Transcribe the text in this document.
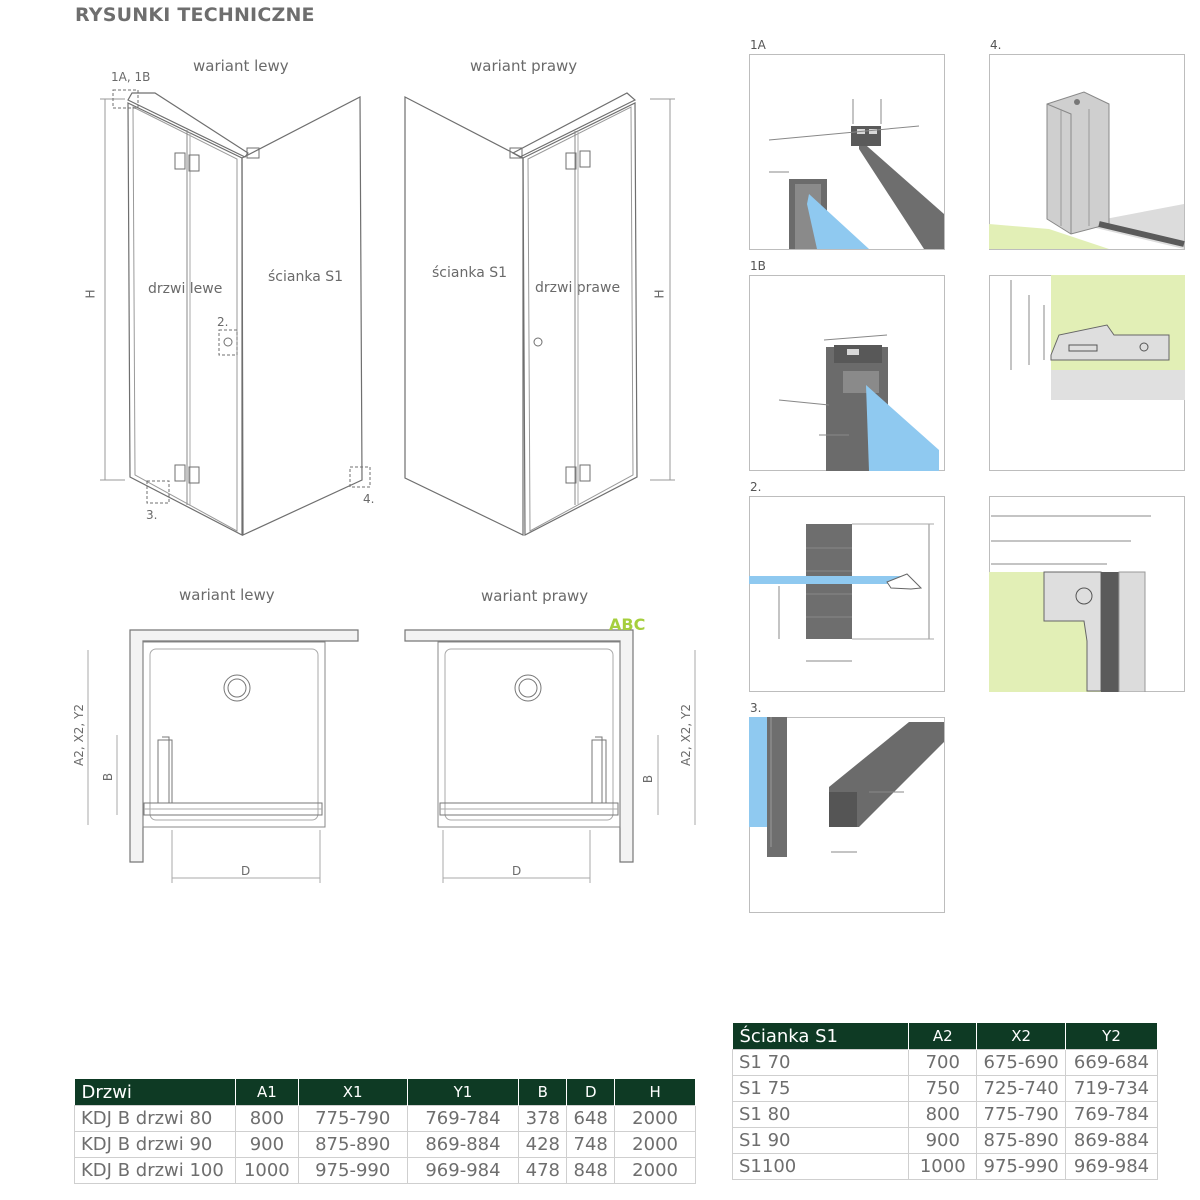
RYSUNKI TECHNICZNE
wariant lewy
1A, 1B
drzwi lewe
ścianka S1
2.
3.
4.
H
wariant prawy
ścianka S1
drzwi prawe	H
wariant lewy
A2, X2, Y2
B
D
wariant prawy
A2, X2, Y2
B
D
ABC
1A
1B
2.
3.
4.
Drzwi	A1	X1	Y1	B	D	H
KDJ B drzwi 80	800	775-790	769-784	378	648	2000
KDJ B drzwi 90	900	875-890	869-884	428	748	2000
KDJ B drzwi 100	1000	975-990	969-984	478	848	2000
Ścianka S1	A2	X2	Y2
S1 70	700	675-690	669-684
S1 75	750	725-740	719-734
S1 80	800	775-790	769-784
S1 90	900	875-890	869-884
S1100	1000	975-990	969-984
